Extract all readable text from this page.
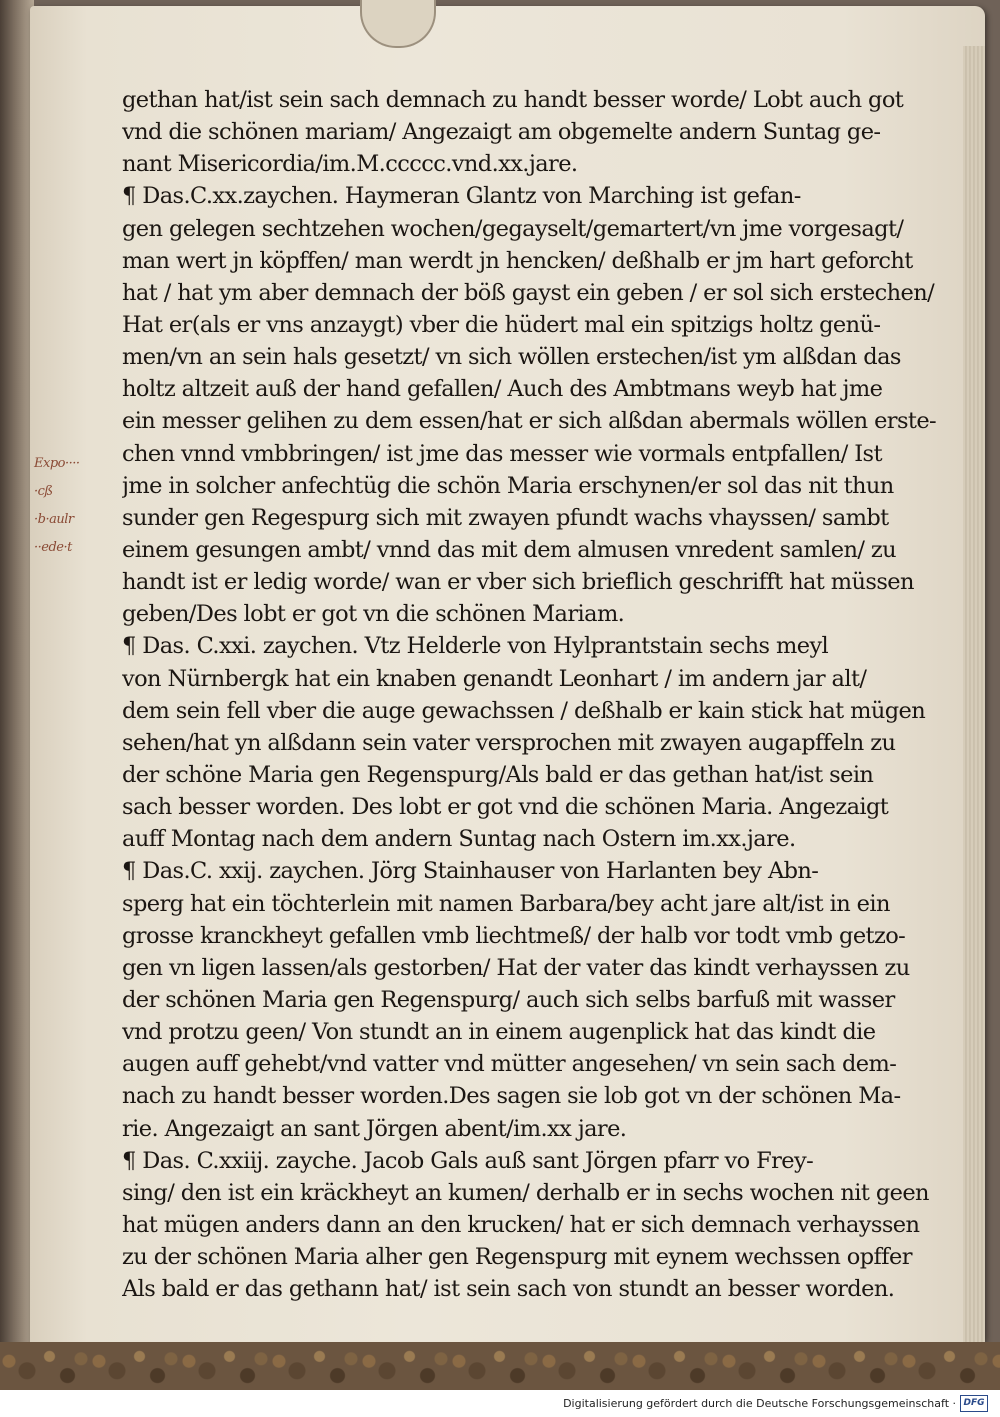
Expo····
·cß
·b·aulr
··ede·t
gethan hat/ist sein sach demnach zu handt besser worde/ Lobt auch got
vnd die schönen mariam/ Angezaigt am obgemelte andern Suntag ge-
nant Misericordia/im.M.ccccc.vnd.xx.jare.
¶ Das.C.xx.zaychen. Haymeran Glantz von Marching ist gefan-
gen gelegen sechtzehen wochen/gegayselt/gemartert/vn jme vorgesagt/
man wert jn köpffen/ man werdt jn hencken/ deßhalb er jm hart geforcht
hat / hat ym aber demnach der böß gayst ein geben / er sol sich erstechen/
Hat er(als er vns anzaygt) vber die hüdert mal ein spitzigs holtz genü-
men/vn an sein hals gesetzt/ vn sich wöllen erstechen/ist ym alßdan das
holtz altzeit auß der hand gefallen/ Auch des Ambtmans weyb hat jme
ein messer gelihen zu dem essen/hat er sich alßdan abermals wöllen erste-
chen vnnd vmbbringen/ ist jme das messer wie vormals entpfallen/ Ist
jme in solcher anfechtüg die schön Maria erschynen/er sol das nit thun
sunder gen Regespurg sich mit zwayen pfundt wachs vhayssen/ sambt
einem gesungen ambt/ vnnd das mit dem almusen vnredent samlen/ zu
handt ist er ledig worde/ wan er vber sich brieflich geschrifft hat müssen
geben/Des lobt er got vn die schönen Mariam.
¶ Das. C.xxi. zaychen. Vtz Helderle von Hylprantstain sechs meyl
von Nürnbergk hat ein knaben genandt Leonhart / im andern jar alt/
dem sein fell vber die auge gewachssen / deßhalb er kain stick hat mügen
sehen/hat yn alßdann sein vater versprochen mit zwayen augapffeln zu
der schöne Maria gen Regenspurg/Als bald er das gethan hat/ist sein
sach besser worden. Des lobt er got vnd die schönen Maria. Angezaigt
auff Montag nach dem andern Suntag nach Ostern im.xx.jare.
¶ Das.C. xxij. zaychen. Jörg Stainhauser von Harlanten bey Abn-
sperg hat ein töchterlein mit namen Barbara/bey acht jare alt/ist in ein
grosse kranckheyt gefallen vmb liechtmeß/ der halb vor todt vmb getzo-
gen vn ligen lassen/als gestorben/ Hat der vater das kindt verhayssen zu
der schönen Maria gen Regenspurg/ auch sich selbs barfuß mit wasser
vnd protzu geen/ Von stundt an in einem augenplick hat das kindt die
augen auff gehebt/vnd vatter vnd mütter angesehen/ vn sein sach dem-
nach zu handt besser worden.Des sagen sie lob got vn der schönen Ma-
rie. Angezaigt an sant Jörgen abent/im.xx jare.
¶ Das. C.xxiij. zayche. Jacob Gals auß sant Jörgen pfarr vo Frey-
sing/ den ist ein kräckheyt an kumen/ derhalb er in sechs wochen nit geen
hat mügen anders dann an den krucken/ hat er sich demnach verhayssen
zu der schönen Maria alher gen Regenspurg mit eynem wechssen opffer
Als bald er das gethann hat/ ist sein sach von stundt an besser worden.
Digitalisierung gefördert durch die Deutsche Forschungsgemeinschaft · DFG
